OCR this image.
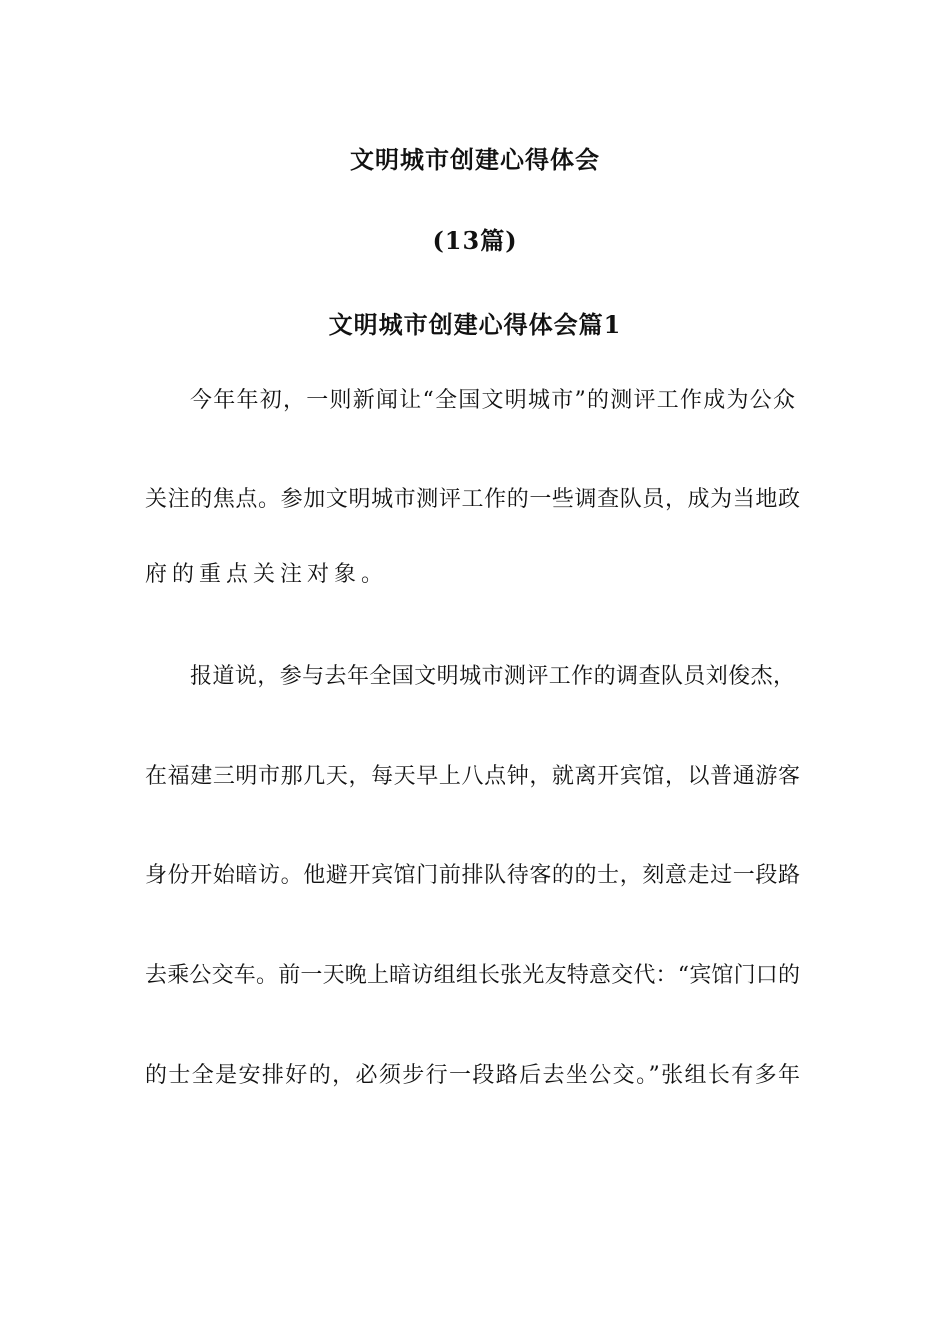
文明城市创建心得体会
(13篇)
文明城市创建心得体会篇1
今年年初，一则新闻让“全国文明城市”的测评工作成为公众
关注的焦点。参加文明城市测评工作的一些调查队员，成为当地政
府的重点关注对象。
报道说，参与去年全国文明城市测评工作的调查队员刘俊杰，
在福建三明市那几天，每天早上八点钟，就离开宾馆，以普通游客
身份开始暗访。他避开宾馆门前排队待客的的士，刻意走过一段路
去乘公交车。前一天晚上暗访组组长张光友特意交代：“宾馆门口的
的士全是安排好的，必须步行一段路后去坐公交。”张组长有多年
